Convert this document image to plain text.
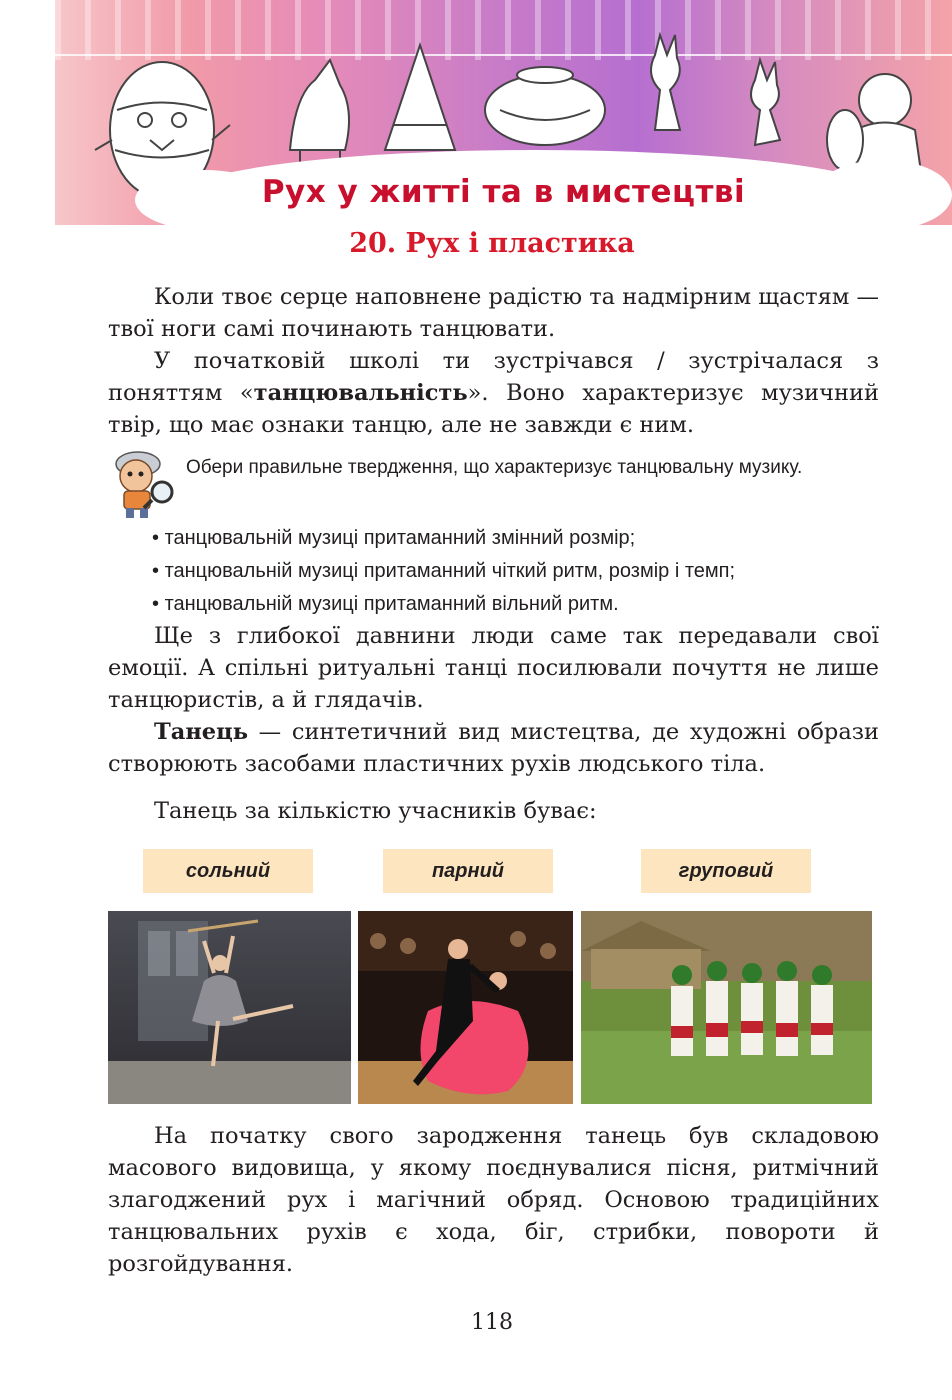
Рух у житті та в мистецтві
20. Рух і пластика
Коли твоє серце наповнене радістю та надмірним щастям — твої ноги самі починають танцювати.
У початковій школі ти зустрічався / зустрічалася з поняттям «танцювальність». Воно характеризує музичний твір, що має ознаки танцю, але не завжди є ним.
Обери правильне твердження, що характеризує танцювальну музику.
• танцювальній музиці притаманний змінний розмір;
• танцювальній музиці притаманний чіткий ритм, розмір і темп;
• танцювальній музиці притаманний вільний ритм.
Ще з глибокої давнини люди саме так передавали свої емоції. А спільні ритуальні танці посилювали почуття не лише танцюристів, а й глядачів.
Танець — синтетичний вид мистецтва, де художні образи створюють засобами пластичних рухів людського тіла.
Танець за кількістю учасників буває:
сольний	парний	груповий
На початку свого зародження танець був складовою масового видовища, у якому поєднувалися пісня, ритмічний злагоджений рух і магічний обряд. Основою традиційних танцювальних рухів є хода, біг, стрибки, повороти й розгойдування.
118
